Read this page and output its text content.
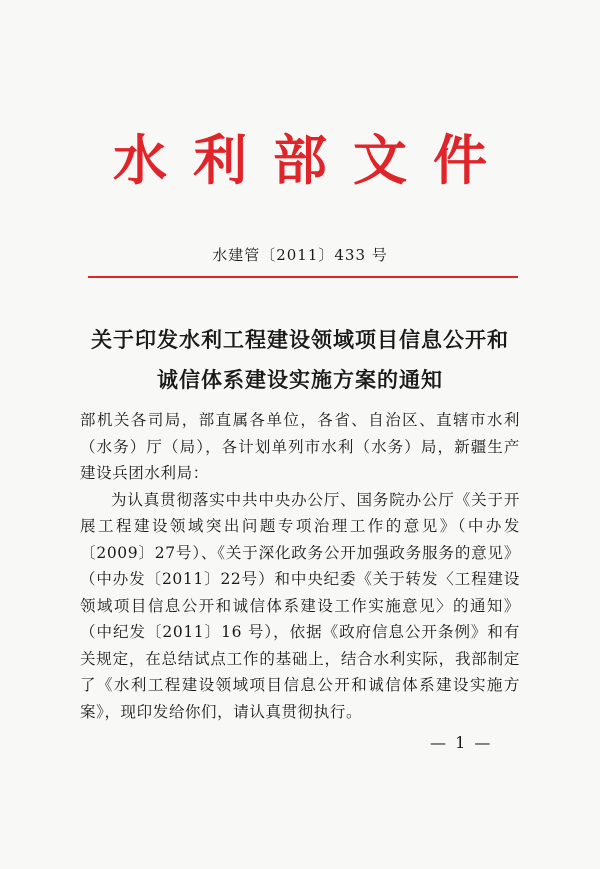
水利部文件
水建管〔2011〕433 号
关于印发水利工程建设领域项目信息公开和
诚信体系建设实施方案的通知

部机关各司局，部直属各单位，各省、自治区、直辖市水利（水务）厅（局），各计划单列市水利（水务）局，新疆生产建设兵团水利局：

为认真贯彻落实中共中央办公厅、国务院办公厅《关于开展工程建设领域突出问题专项治理工作的意见》（中办发〔2009〕27号）、《关于深化政务公开加强政务服务的意见》（中办发〔2011〕22号）和中央纪委《关于转发〈工程建设领域项目信息公开和诚信体系建设工作实施意见〉的通知》（中纪发〔2011〕16 号），依据《政府信息公开条例》和有关规定，在总结试点工作的基础上，结合水利实际，我部制定了《水利工程建设领域项目信息公开和诚信体系建设实施方案》，现印发给你们，请认真贯彻执行。

— 1 —
